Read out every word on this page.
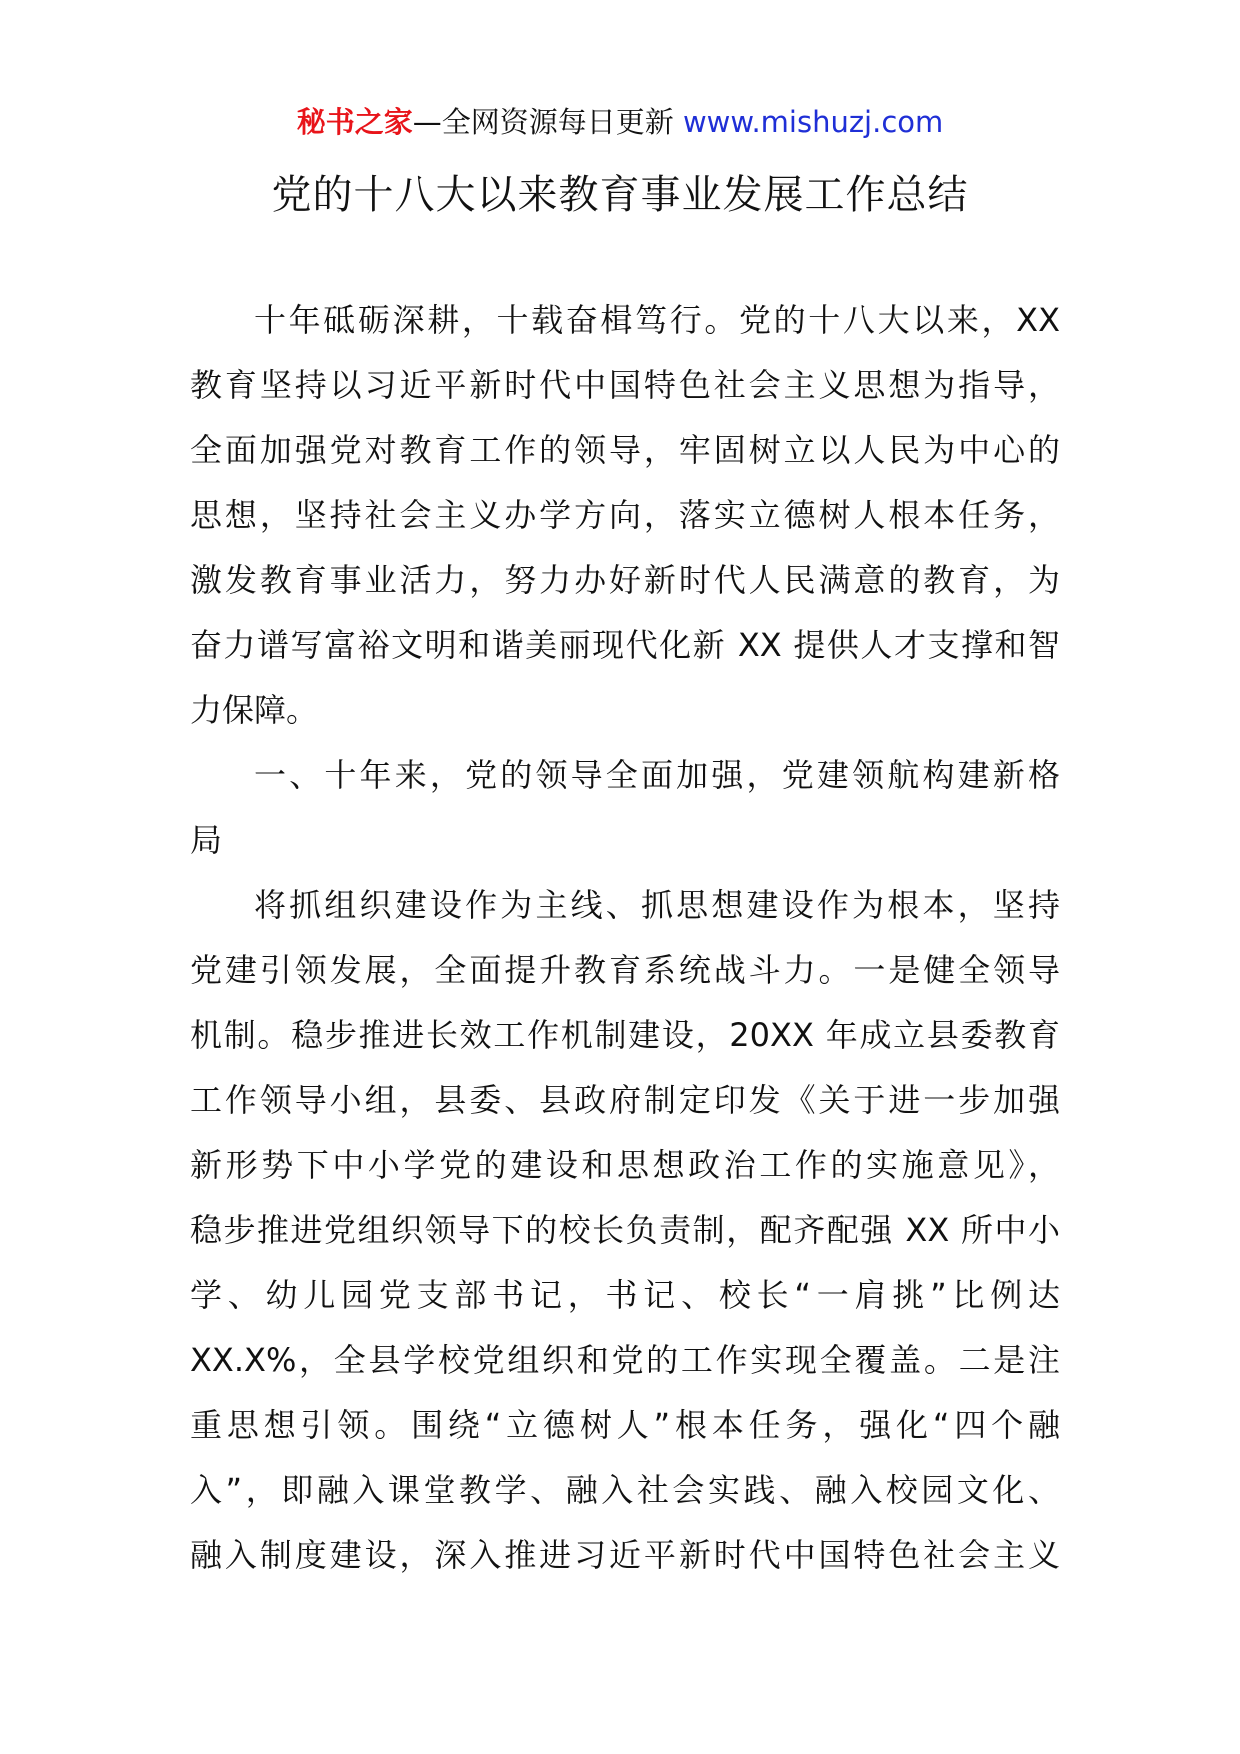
秘书之家—全网资源每日更新 www.mishuzj.com
党的十八大以来教育事业发展工作总结
十年砥砺深耕，十载奋楫笃行。党的十八大以来，XX
教育坚持以习近平新时代中国特色社会主义思想为指导，
全面加强党对教育工作的领导，牢固树立以人民为中心的
思想，坚持社会主义办学方向，落实立德树人根本任务，
激发教育事业活力，努力办好新时代人民满意的教育，为
奋力谱写富裕文明和谐美丽现代化新 XX 提供人才支撑和智
力保障。
一、十年来，党的领导全面加强，党建领航构建新格
局
将抓组织建设作为主线、抓思想建设作为根本，坚持
党建引领发展，全面提升教育系统战斗力。一是健全领导
机制。稳步推进长效工作机制建设，20XX 年成立县委教育
工作领导小组，县委、县政府制定印发《关于进一步加强
新形势下中小学党的建设和思想政治工作的实施意见》，
稳步推进党组织领导下的校长负责制，配齐配强 XX 所中小
学、幼儿园党支部书记，书记、校长“一肩挑”比例达
XX.X%，全县学校党组织和党的工作实现全覆盖。二是注
重思想引领。围绕“立德树人”根本任务，强化“四个融
入”，即融入课堂教学、融入社会实践、融入校园文化、
融入制度建设，深入推进习近平新时代中国特色社会主义
